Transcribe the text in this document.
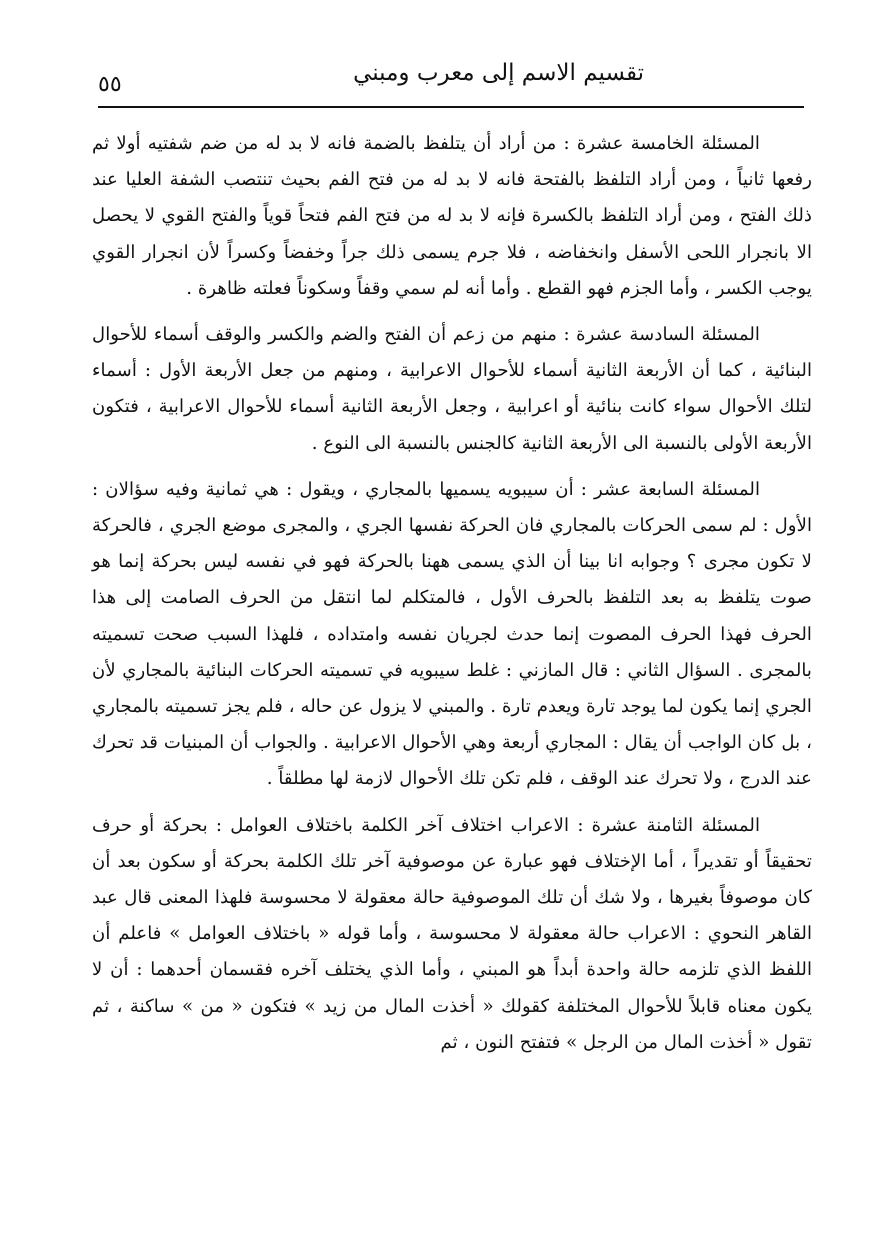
تقسيم الاسم إلى معرب ومبني
٥٥

المسئلة الخامسة عشرة : من أراد أن يتلفظ بالضمة فانه لا بد له من ضم شفتيه أولا ثم رفعها ثانياً ، ومن أراد التلفظ بالفتحة فانه لا بد له من فتح الفم بحيث تنتصب الشفة العليا عند ذلك الفتح ، ومن أراد التلفظ بالكسرة فإنه لا بد له من فتح الفم فتحاً قوياً والفتح القوي لا يحصل الا بانجرار اللحى الأسفل وانخفاضه ، فلا جرم يسمى ذلك جراً وخفضاً وكسراً لأن انجرار القوي يوجب الكسر ، وأما الجزم فهو القطع . وأما أنه لم سمي وقفاً وسكوناً فعلته ظاهرة .

المسئلة السادسة عشرة : منهم من زعم أن الفتح والضم والكسر والوقف أسماء للأحوال البنائية ، كما أن الأربعة الثانية أسماء للأحوال الاعرابية ، ومنهم من جعل الأربعة الأول : أسماء لتلك الأحوال سواء كانت بنائية أو اعرابية ، وجعل الأربعة الثانية أسماء للأحوال الاعرابية ، فتكون الأربعة الأولى بالنسبة الى الأربعة الثانية كالجنس بالنسبة الى النوع .

المسئلة السابعة عشر : أن سيبويه يسميها بالمجاري ، ويقول : هي ثمانية وفيه سؤالان : الأول : لم سمى الحركات بالمجاري فان الحركة نفسها الجري ، والمجرى موضع الجري ، فالحركة لا تكون مجرى ؟ وجوابه انا بينا أن الذي يسمى ههنا بالحركة فهو في نفسه ليس بحركة إنما هو صوت يتلفظ به بعد التلفظ بالحرف الأول ، فالمتكلم لما انتقل من الحرف الصامت إلى هذا الحرف فهذا الحرف المصوت إنما حدث لجريان نفسه وامتداده ، فلهذا السبب صحت تسميته بالمجرى . السؤال الثاني : قال المازني : غلط سيبويه في تسميته الحركات البنائية بالمجاري لأن الجري إنما يكون لما يوجد تارة ويعدم تارة . والمبني لا يزول عن حاله ، فلم يجز تسميته بالمجاري ، بل كان الواجب أن يقال : المجاري أربعة وهي الأحوال الاعرابية . والجواب أن المبنيات قد تحرك عند الدرج ، ولا تحرك عند الوقف ، فلم تكن تلك الأحوال لازمة لها مطلقاً .

المسئلة الثامنة عشرة : الاعراب اختلاف آخر الكلمة باختلاف العوامل : بحركة أو حرف تحقيقاً أو تقديراً ، أما الإختلاف فهو عبارة عن موصوفية آخر تلك الكلمة بحركة أو سكون بعد أن كان موصوفاً بغيرها ، ولا شك أن تلك الموصوفية حالة معقولة لا محسوسة فلهذا المعنى قال عبد القاهر النحوي : الاعراب حالة معقولة لا محسوسة ، وأما قوله « باختلاف العوامل » فاعلم أن اللفظ الذي تلزمه حالة واحدة أبداً هو المبني ، وأما الذي يختلف آخره فقسمان أحدهما : أن لا يكون معناه قابلاً للأحوال المختلفة كقولك « أخذت المال من زيد » فتكون « من » ساكنة ، ثم تقول « أخذت المال من الرجل » فتفتح النون ، ثم
